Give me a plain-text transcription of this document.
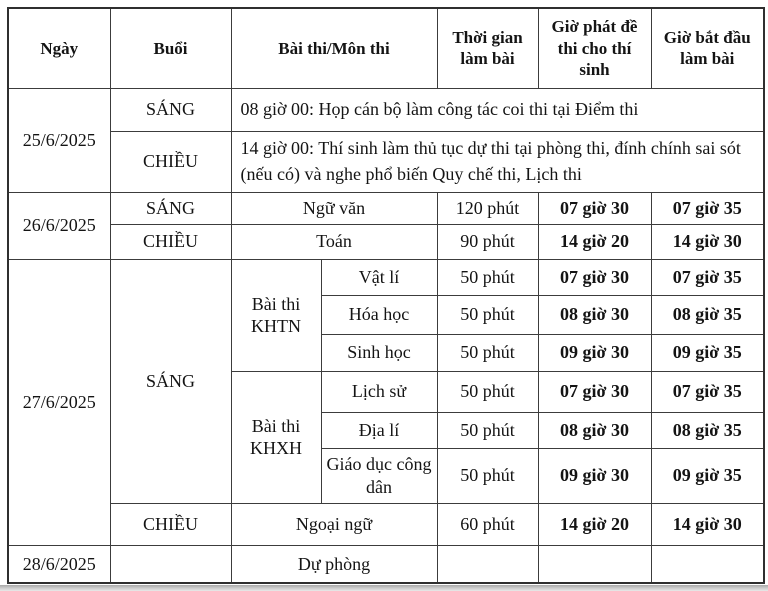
Ngày	Buổi	Bài thi/Môn thi		Thời gian làm bài	Giờ phát đề thi cho thí sinh	Giờ bắt đầu làm bài
25/6/2025	SÁNG	08 giờ 00: Họp cán bộ làm công tác coi thi tại Điểm thi				
	CHIỀU	14 giờ 00: Thí sinh làm thủ tục dự thi tại phòng thi, đính chính sai sót (nếu có) và nghe phổ biến Quy chế thi, Lịch thi				
26/6/2025	SÁNG	Ngữ văn		120 phút	07 giờ 30	07 giờ 35
	CHIỀU	Toán		90 phút	14 giờ 20	14 giờ 30
27/6/2025	SÁNG	Bài thi KHTN	Vật lí	50 phút	07 giờ 30	07 giờ 35
			Hóa học	50 phút	08 giờ 30	08 giờ 35
			Sinh học	50 phút	09 giờ 30	09 giờ 35
		Bài thi KHXH	Lịch sử	50 phút	07 giờ 30	07 giờ 35
			Địa lí	50 phút	08 giờ 30	08 giờ 35
			Giáo dục công dân	50 phút	09 giờ 30	09 giờ 35
	CHIỀU	Ngoại ngữ		60 phút	14 giờ 20	14 giờ 30
28/6/2025		Dự phòng				
